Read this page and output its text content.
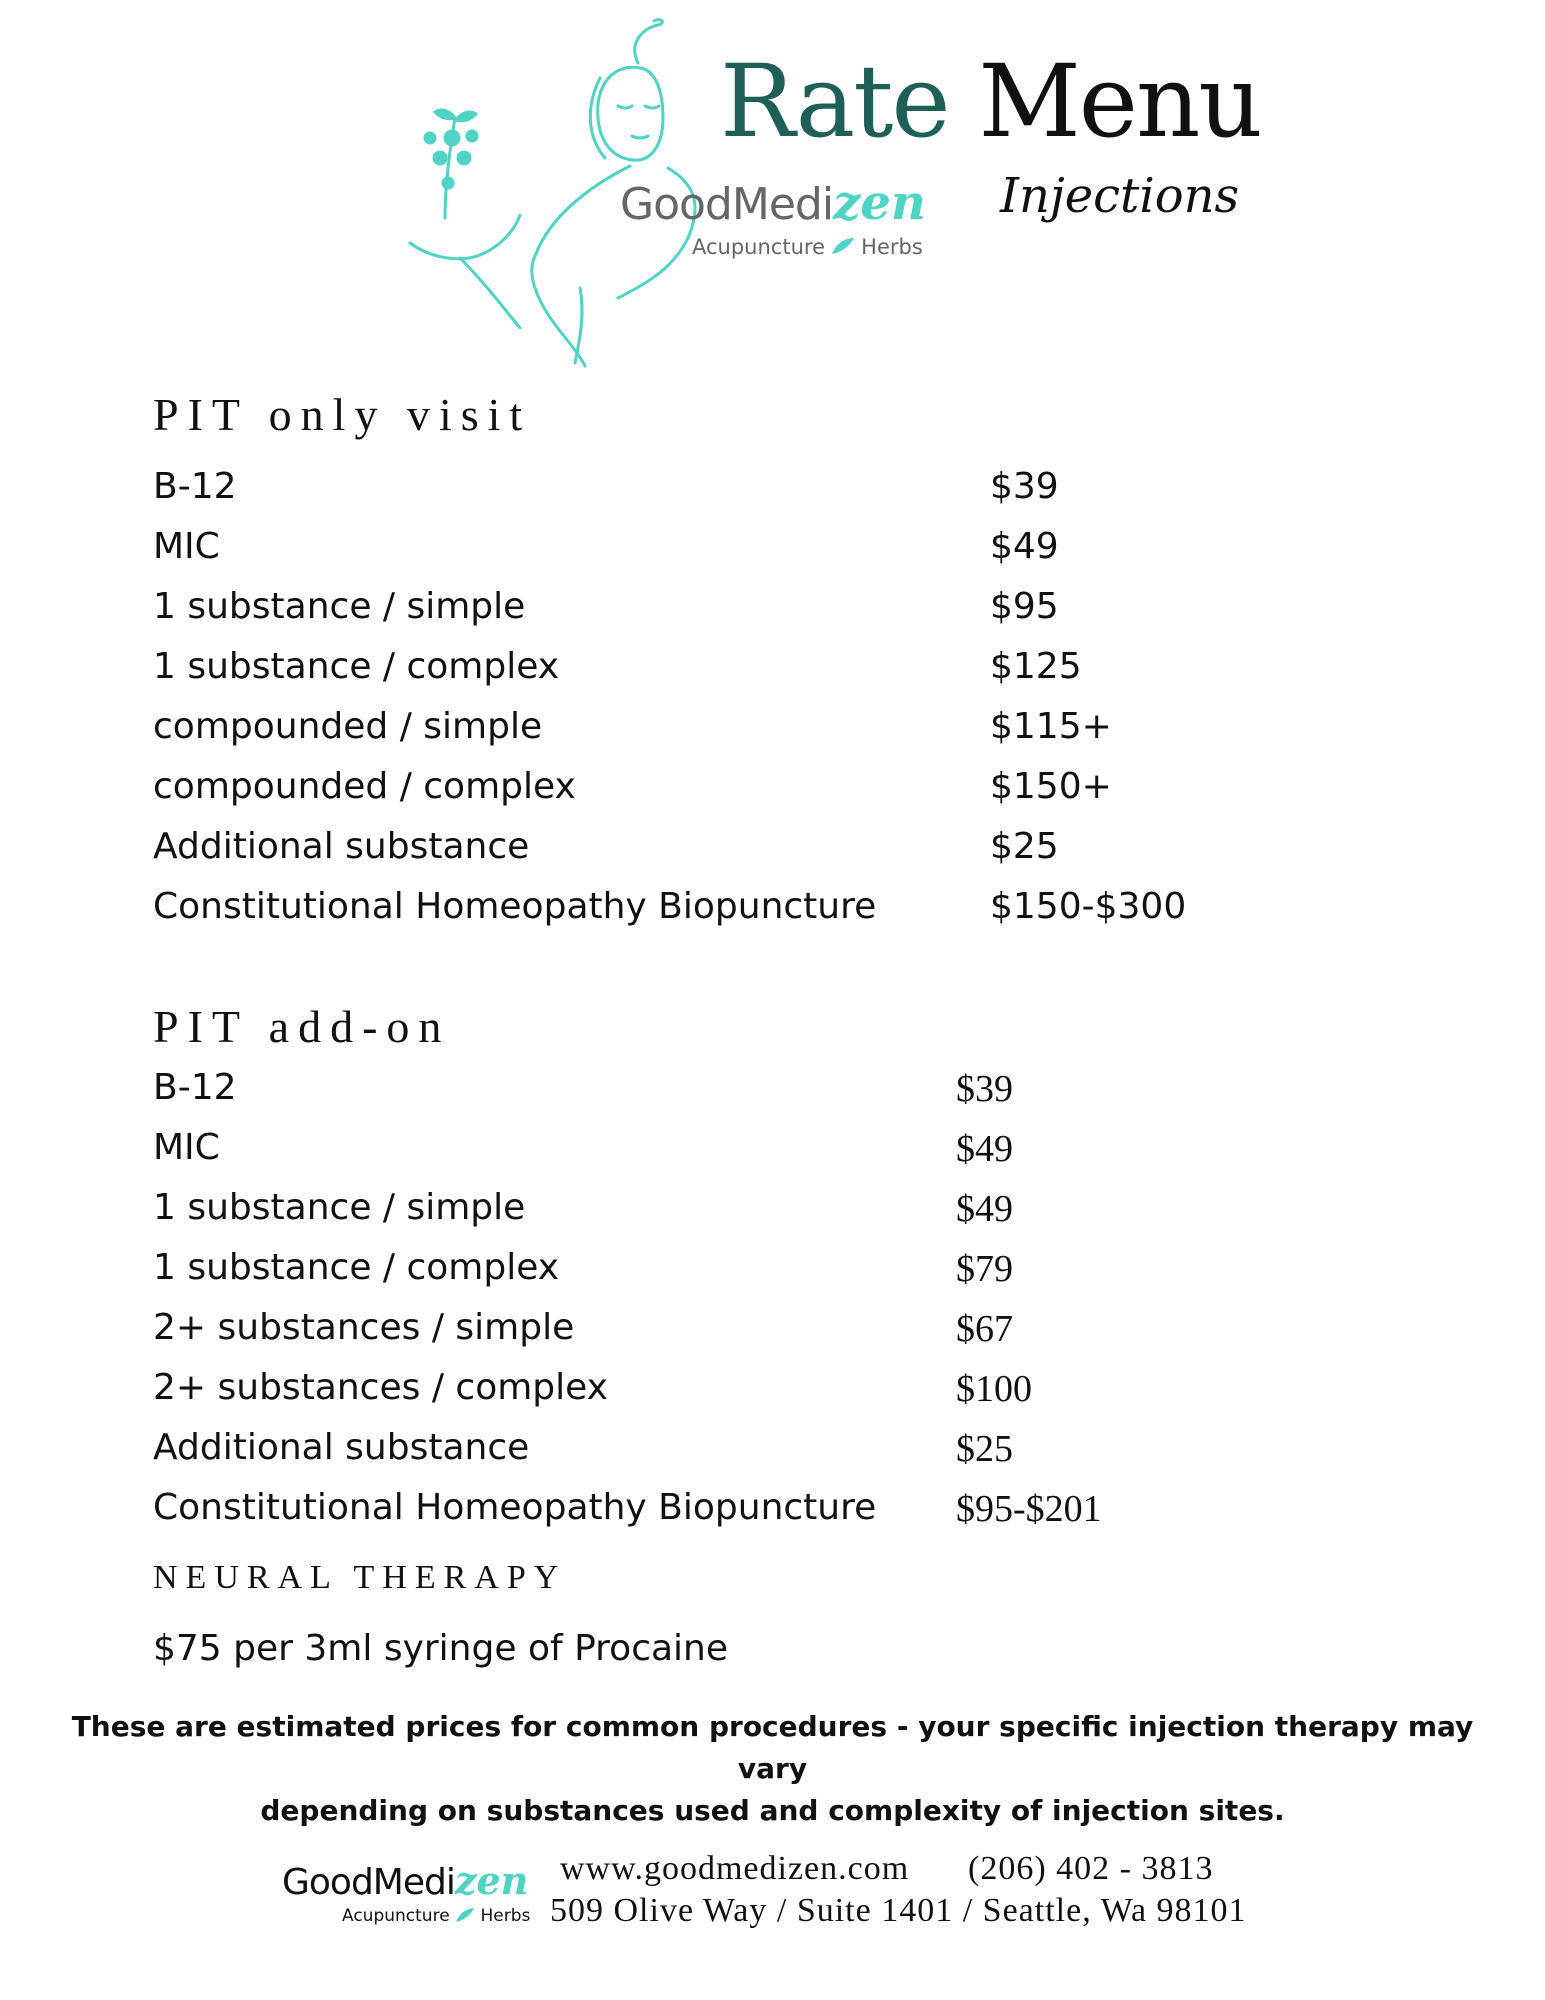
GoodMedizen
Acupuncture Herbs
Rate Menu
Injections
PIT only visit
B-12	$39
MIC	$49
1 substance / simple	$95
1 substance / complex	$125
compounded / simple	$115+
compounded / complex	$150+
Additional substance	$25
Constitutional Homeopathy Biopuncture	$150-$300
PIT add-on
B-12	$39
MIC	$49
1 substance / simple	$49
1 substance / complex	$79
2+ substances / simple	$67
2+ substances / complex	$100
Additional substance	$25
Constitutional Homeopathy Biopuncture $95-$201
NEURAL THERAPY
$75 per 3ml syringe of Procaine
These are estimated prices for common procedures - your specific injection therapy may vary
depending on substances used and complexity of injection sites.
GoodMedizen
Acupuncture Herbs
www.goodmedizen.com (206) 402 - 3813
509 Olive Way / Suite 1401 / Seattle, Wa 98101
